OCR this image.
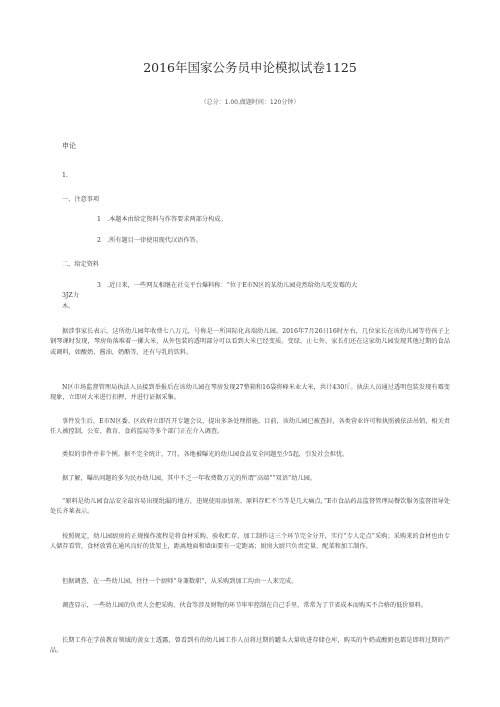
2016年国家公务员申论模拟试卷1125
（总分：1.00,做题时间：120分钟）
申论
1.
一、注意事项
1　.本题本由给定资料与作答要求两部分构成。
2　.所有题目一律使用现代汉语作答。
二、给定资料
3　.近日来，一些网友相继在社交平台爆料称：“位于E市N区的某幼儿园竟然给幼儿吃发霉的大
3JZ力
木。
据涉事家长表示，这所幼儿园年收费七八万元，号称是一所国际化高端幼儿园。2016年7月26日16时左右，几位家长在该幼儿园等待孩子上钢琴课时发现，琴房角落堆着一摞大米，从外包装的透明部分可以看到大米已经变质。变绿，止七外，家长们还在这家幼儿园发现其他过期的食品或调料，如酸奶，酱油，奶酪等，还有与乳的饮料。
N区市场监督管理局执法人员接到举报后在该幼儿园在琴房发现27整箱和16袋将峰米业大米，共计430斤。执法人员通过透明包装发现有霉变现象，立即对大米进行扣押，并进行证据采集。
事件发生后，E市N区委、区政府立即召开专题会议，提出多条处理措施。目前，该幼儿园已被查封，各类营业许可和执照被依法吊销，相关责任人被控制，公安、教育、食药监局等多个部门正在介入调查。
类似的事件并非个例。据不完全统计，7月，各地被曝光的幼儿园食品安全问题至少5起，引发社会担忧。
据了解，曝出问题的多为民办幼儿园，其中不乏一年收费数万元的所谓“高端”“双语”幼儿园。
“原料是幼儿园食品安全最容易出现纰漏的地方，违规使用添加剂、原料存贮不当等是几大痛点，”E市食品药品监督管理局餐饮服务监督指导处处长齐莱表示。
按照规定，幼儿园厨房的正规操作流程是将食材采购、验收贮存、加工制作这三个环节完全分开，实行“专人定点”采购；采购来的食材也由专人储存看管，食材放置在通风良好的货架上，距离地面和墙面要有一定距离；厨房大厨只负责定量、配菜和加工制作。
但据调查，在一些幼儿园，往往一个厨师“身兼数职”，从采购到加工均由一人来完成。
调查显示，一些幼儿园的负责人会把采购、伙食等涉及财物的环节牢牢控制在自己手里，常常为了节省成本而购买不合格的低价原料。
长期工作在学前教育领域的黄女士透露，曾看到有的幼儿园工作人员将过期的罐头大量收进存储仓库，购买的牛奶或酸奶也都是即将过期的产品。
